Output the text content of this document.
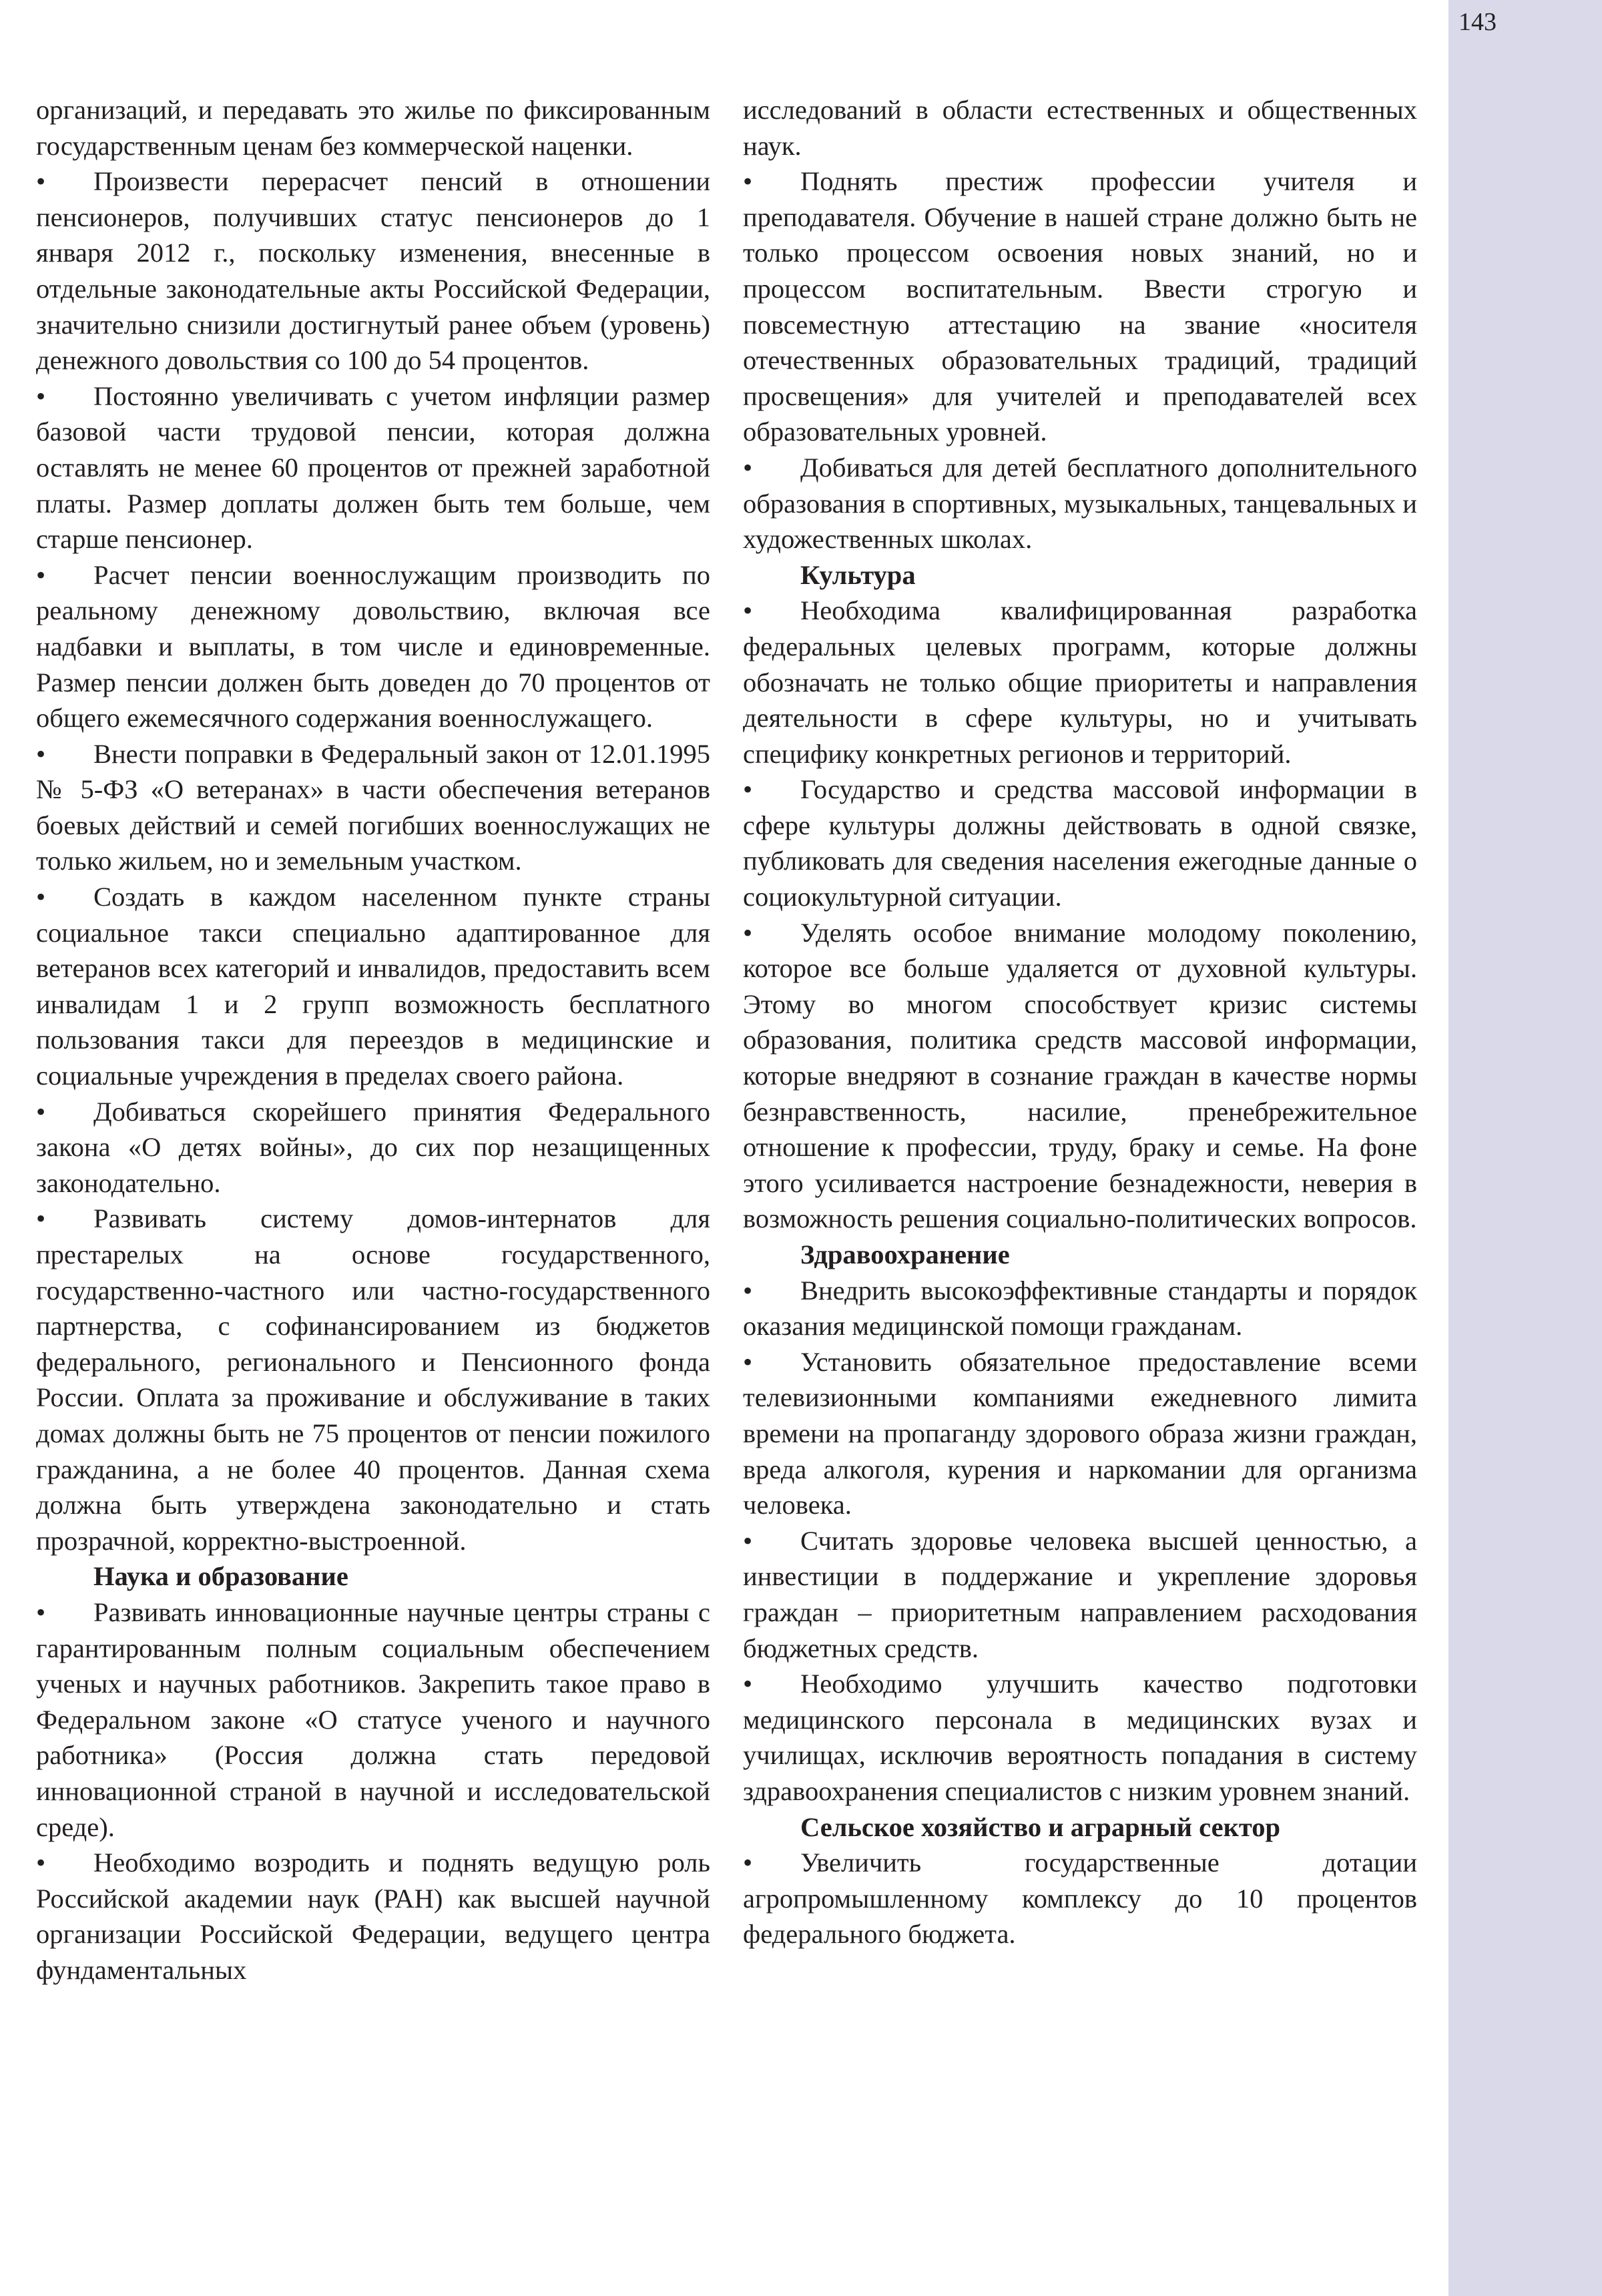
143

организаций, и передавать это жилье по фиксированным государственным ценам без коммерческой наценки.

• Произвести перерасчет пенсий в отношении пенсионеров, получивших статус пенсионеров до 1 января 2012 г., поскольку изменения, внесенные в отдельные законодательные акты Российской Федерации, значительно снизили достигнутый ранее объем (уровень) денежного довольствия со 100 до 54 процентов.

• Постоянно увеличивать с учетом инфляции размер базовой части трудовой пенсии, которая должна оставлять не менее 60 процентов от прежней заработной платы. Размер доплаты должен быть тем больше, чем старше пенсионер.

• Расчет пенсии военнослужащим производить по реальному денежному довольствию, включая все надбавки и выплаты, в том числе и единовременные. Размер пенсии должен быть доведен до 70 процентов от общего ежемесячного содержания военнослужащего.

• Внести поправки в Федеральный закон от 12.01.1995 № 5-ФЗ «О ветеранах» в части обеспечения ветеранов боевых действий и семей погибших военнослужащих не только жильем, но и земельным участком.

• Создать в каждом населенном пункте страны социальное такси специально адаптированное для ветеранов всех категорий и инвалидов, предоставить всем инвалидам 1 и 2 групп возможность бесплатного пользования такси для переездов в медицинские и социальные учреждения в пределах своего района.

• Добиваться скорейшего принятия Федерального закона «О детях войны», до сих пор незащищенных законодательно.

• Развивать систему домов-интернатов для престарелых на основе государственного, государственно-частного или частно-государственного партнерства, с софинансированием из бюджетов федерального, регионального и Пенсионного фонда России. Оплата за проживание и обслуживание в таких домах должны быть не 75 процентов от пенсии пожилого гражданина, а не более 40 процентов. Данная схема должна быть утверждена законодательно и стать прозрачной, корректно-выстроенной.

Наука и образование

• Развивать инновационные научные центры страны с гарантированным полным социальным обеспечением ученых и научных работников. Закрепить такое право в Федеральном законе «О статусе ученого и научного работника» (Россия должна стать передовой инновационной страной в научной и исследовательской среде).

• Необходимо возродить и поднять ведущую роль Российской академии наук (РАН) как высшей научной организации Российской Федерации, ведущего центра фундаментальных

исследований в области естественных и общественных наук.

• Поднять престиж профессии учителя и преподавателя. Обучение в нашей стране должно быть не только процессом освоения новых знаний, но и процессом воспитательным. Ввести строгую и повсеместную аттестацию на звание «носителя отечественных образовательных традиций, традиций просвещения» для учителей и преподавателей всех образовательных уровней.

• Добиваться для детей бесплатного дополнительного образования в спортивных, музыкальных, танцевальных и художественных школах.

Культура

• Необходима квалифицированная разработка федеральных целевых программ, которые должны обозначать не только общие приоритеты и направления деятельности в сфере культуры, но и учитывать специфику конкретных регионов и территорий.

• Государство и средства массовой информации в сфере культуры должны действовать в одной связке, публиковать для сведения населения ежегодные данные о социокультурной ситуации.

• Уделять особое внимание молодому поколению, которое все больше удаляется от духовной культуры. Этому во многом способствует кризис системы образования, политика средств массовой информации, которые внедряют в сознание граждан в качестве нормы безнравственность, насилие, пренебрежительное отношение к профессии, труду, браку и семье. На фоне этого усиливается настроение безнадежности, неверия в возможность решения социально-политических вопросов.

Здравоохранение

• Внедрить высокоэффективные стандарты и порядок оказания медицинской помощи гражданам.

• Установить обязательное предоставление всеми телевизионными компаниями ежедневного лимита времени на пропаганду здорового образа жизни граждан, вреда алкоголя, курения и наркомании для организма человека.

• Считать здоровье человека высшей ценностью, а инвестиции в поддержание и укрепление здоровья граждан – приоритетным направлением расходования бюджетных средств.

• Необходимо улучшить качество подготовки медицинского персонала в медицинских вузах и училищах, исключив вероятность попадания в систему здравоохранения специалистов с низким уровнем знаний.

Сельское хозяйство и аграрный сектор

• Увеличить государственные дотации агропромышленному комплексу до 10 процентов федерального бюджета.
